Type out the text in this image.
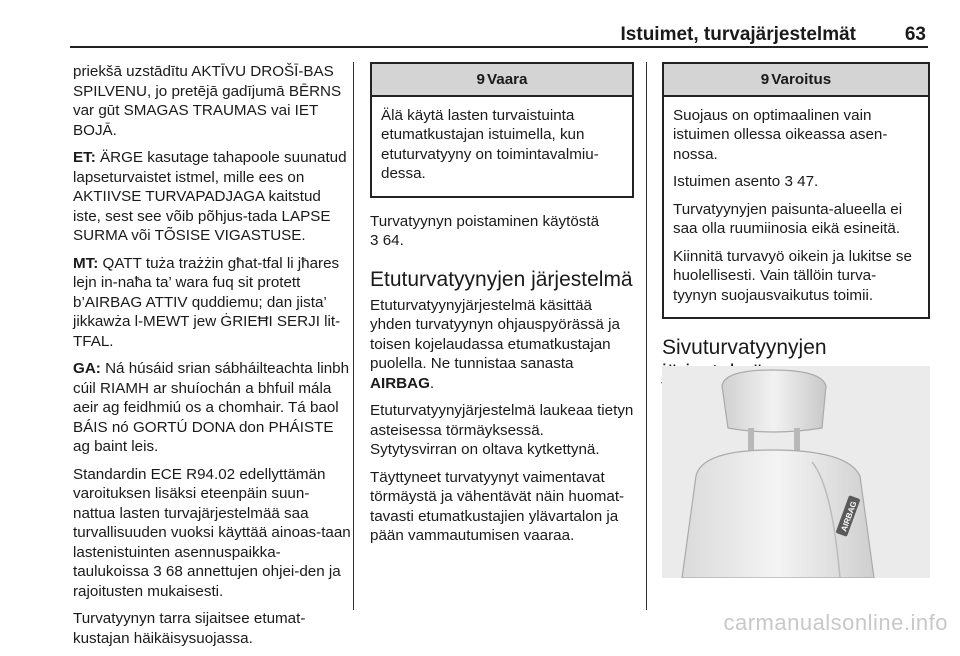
Istuimet, turvajärjestelmät	63

priekšā uzstādītu AKTĪVU DROŠĪ-BAS SPILVENU, jo pretējā gadījumā BĒRNS var gūt SMAGAS TRAUMAS vai IET BOJĀ.

ET: ÄRGE kasutage tahapoole suunatud lapseturvaistet istmel, mille ees on AKTIIVSE TURVAPADJAGA kaitstud iste, sest see võib põhjus-tada LAPSE SURMA või TÕSISE VIGASTUSE.

MT: QATT tuża trażżin għat-tfal li jħares lejn in-naħa ta’ wara fuq sit protett b’AIRBAG ATTIV quddiemu; dan jista’ jikkawża l-MEWT jew ĠRIEĦI SERJI lit-TFAL.

GA: Ná húsáid srian sábháilteachta linbh cúil RIAMH ar shuíochán a bhfuil mála aeir ag feidhmiú os a chomhair. Tá baol BÁIS nó GORTÚ DONA don PHÁISTE ag baint leis.

Standardin ECE R94.02 edellyttämän varoituksen lisäksi eteenpäin suun-nattua lasten turvajärjestelmää saa turvallisuuden vuoksi käyttää ainoas-taan lastenistuinten asennuspaikka-taulukoissa 3 68 annettujen ohjei-den ja rajoitusten mukaisesti.

Turvatyynyn tarra sijaitsee etumat-kustajan häikäisysuojassa.

9 Vaara

Älä käytä lasten turvaistuinta etumatkustajan istuimella, kun etuturvatyyny on toimintavalmiu-dessa.

Turvatyynyn poistaminen käytöstä
3 64.

Etuturvatyynyjen järjestelmä

Etuturvatyynyjärjestelmä käsittää yhden turvatyynyn ohjauspyörässä ja toisen kojelaudassa etumatkustajan puolella. Ne tunnistaa sanasta
AIRBAG.

Etuturvatyynyjärjestelmä laukeaa tietyn asteisessa törmäyksessä. Sytytysvirran on oltava kytkettynä.

Täyttyneet turvatyynyt vaimentavat törmäystä ja vähentävät näin huomat-tavasti etumatkustajien ylävartalon ja pään vammautumisen vaaraa.

9 Varoitus

Suojaus on optimaalinen vain istuimen ollessa oikeassa asen-nossa.

Istuimen asento 3 47.

Turvatyynyjen paisunta-alueella ei saa olla ruumiinosia eikä esineitä.

Kiinnitä turvavyö oikein ja lukitse se huolellisesti. Vain tällöin turva-tyynyn suojausvaikutus toimii.

Sivuturvatyynyjen
AIRBAG
carmanualsonline.info
